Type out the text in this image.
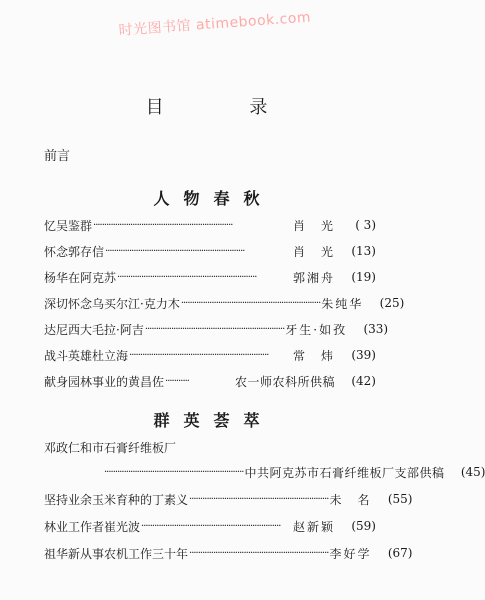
时光图书馆 atimebook.com
目 录
前言
人物春秋
忆吴鉴群 ································································	肖　光	( 3)
怀念郭存信 ································································	肖　光	(13)
杨华在阿克苏 ································································	郭湘舟	(19)
深切怀念乌买尔江·克力木 ································································ 朱纯华	(25)
达尼西大毛拉·阿吉 ································································ 牙生·如孜	(33)
战斗英雄杜立海 ································································	常　炜	(39)
献身园林事业的黄昌佐 ···········	农一师农科所供稿	(42)
群英荟萃
邓政仁和市石膏纤维板厂
································································ 中共阿克苏市石膏纤维板厂支部供稿	(45)
坚持业余玉米育种的丁素义 ································································ 未　名	(55)
林业工作者崔光波 ································································	赵新颖	(59)
祖华新从事农机工作三十年 ································································ 李好学	(67)
